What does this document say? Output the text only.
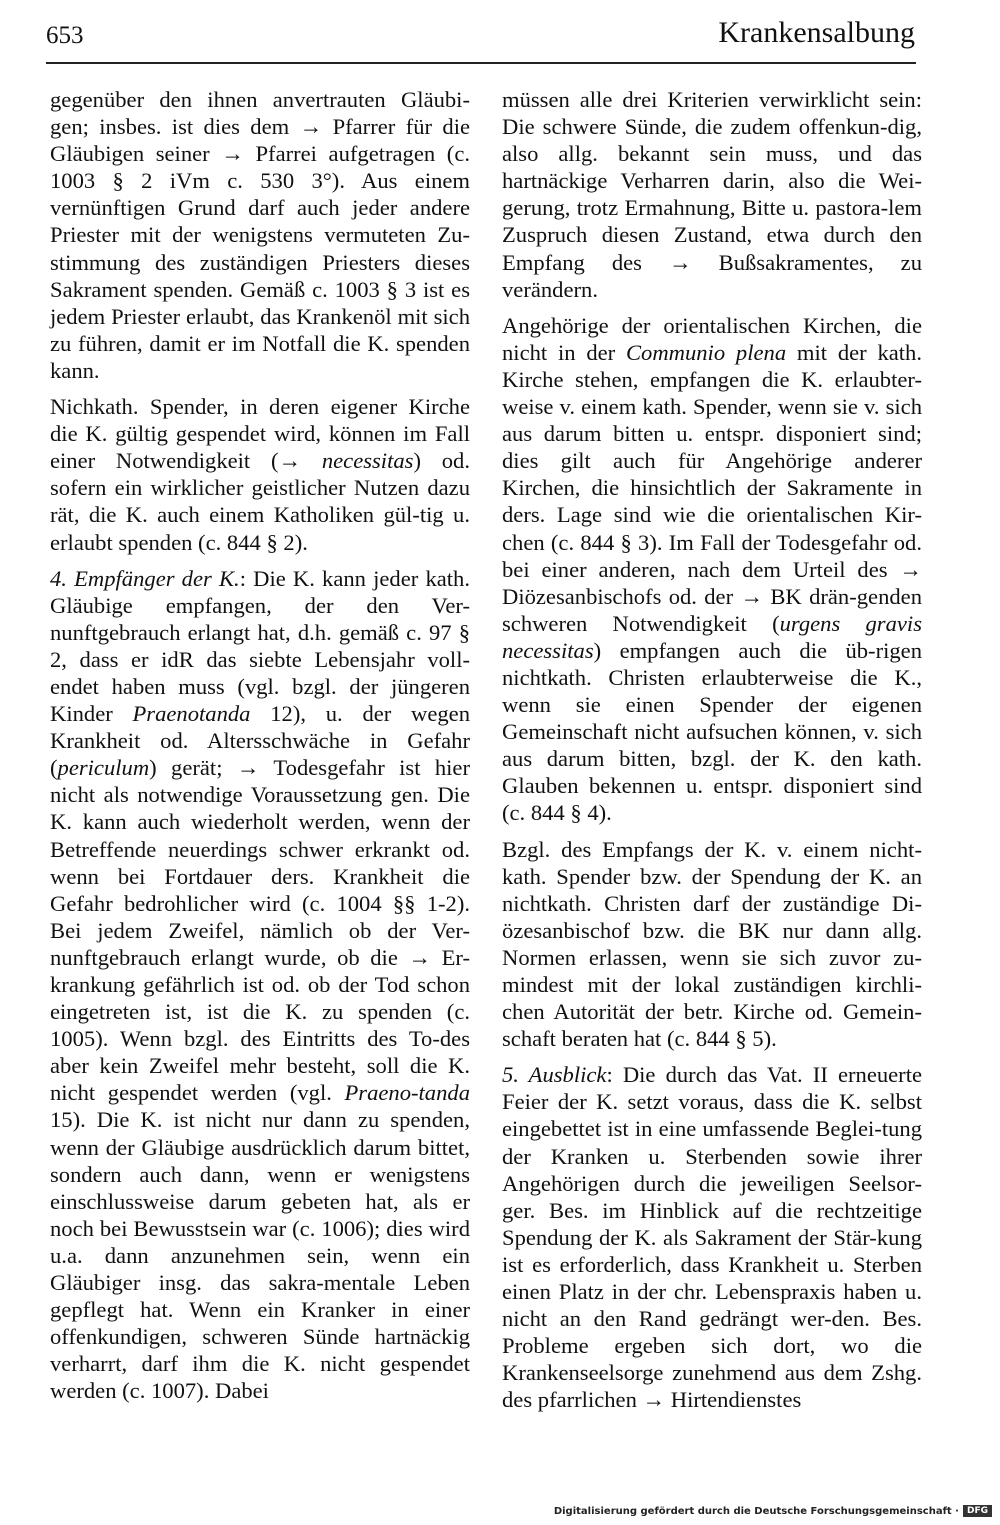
653	Krankensalbung

gegenüber den ihnen anvertrauten Gläubi-gen; insbes. ist dies dem → Pfarrer für die Gläubigen seiner → Pfarrei aufgetragen (c. 1003 § 2 iVm c. 530 3°). Aus einem vernünftigen Grund darf auch jeder andere Priester mit der wenigstens vermuteten Zu-stimmung des zuständigen Priesters dieses Sakrament spenden. Gemäß c. 1003 § 3 ist es jedem Priester erlaubt, das Krankenöl mit sich zu führen, damit er im Notfall die K. spenden kann.

Nichkath. Spender, in deren eigener Kirche die K. gültig gespendet wird, können im Fall einer Notwendigkeit (→ necessitas) od. sofern ein wirklicher geistlicher Nutzen dazu rät, die K. auch einem Katholiken gül-tig u. erlaubt spenden (c. 844 § 2).

4. Empfänger der K.: Die K. kann jeder kath. Gläubige empfangen, der den Ver-nunftgebrauch erlangt hat, d.h. gemäß c. 97 § 2, dass er idR das siebte Lebensjahr voll-endet haben muss (vgl. bzgl. der jüngeren Kinder Praenotanda 12), u. der wegen Krankheit od. Altersschwäche in Gefahr (periculum) gerät; → Todesgefahr ist hier nicht als notwendige Voraussetzung gen. Die K. kann auch wiederholt werden, wenn der Betreffende neuerdings schwer erkrankt od. wenn bei Fortdauer ders. Krankheit die Gefahr bedrohlicher wird (c. 1004 §§ 1-2). Bei jedem Zweifel, nämlich ob der Ver-nunftgebrauch erlangt wurde, ob die → Er-krankung gefährlich ist od. ob der Tod schon eingetreten ist, ist die K. zu spenden (c. 1005). Wenn bzgl. des Eintritts des To-des aber kein Zweifel mehr besteht, soll die K. nicht gespendet werden (vgl. Praeno-tanda 15). Die K. ist nicht nur dann zu spenden, wenn der Gläubige ausdrücklich darum bittet, sondern auch dann, wenn er wenigstens einschlussweise darum gebeten hat, als er noch bei Bewusstsein war (c. 1006); dies wird u.a. dann anzunehmen sein, wenn ein Gläubiger insg. das sakra-mentale Leben gepflegt hat. Wenn ein Kranker in einer offenkundigen, schweren Sünde hartnäckig verharrt, darf ihm die K. nicht gespendet werden (c. 1007). Dabei

müssen alle drei Kriterien verwirklicht sein: Die schwere Sünde, die zudem offenkun-dig, also allg. bekannt sein muss, und das hartnäckige Verharren darin, also die Wei-gerung, trotz Ermahnung, Bitte u. pastora-lem Zuspruch diesen Zustand, etwa durch den Empfang des → Bußsakramentes, zu verändern.

Angehörige der orientalischen Kirchen, die nicht in der Communio plena mit der kath. Kirche stehen, empfangen die K. erlaubter-weise v. einem kath. Spender, wenn sie v. sich aus darum bitten u. entspr. disponiert sind; dies gilt auch für Angehörige anderer Kirchen, die hinsichtlich der Sakramente in ders. Lage sind wie die orientalischen Kir-chen (c. 844 § 3). Im Fall der Todesgefahr od. bei einer anderen, nach dem Urteil des → Diözesanbischofs od. der → BK drän-genden schweren Notwendigkeit (urgens gravis necessitas) empfangen auch die üb-rigen nichtkath. Christen erlaubterweise die K., wenn sie einen Spender der eigenen Gemeinschaft nicht aufsuchen können, v. sich aus darum bitten, bzgl. der K. den kath. Glauben bekennen u. entspr. disponiert sind (c. 844 § 4).

Bzgl. des Empfangs der K. v. einem nicht-kath. Spender bzw. der Spendung der K. an nichtkath. Christen darf der zuständige Di-özesanbischof bzw. die BK nur dann allg. Normen erlassen, wenn sie sich zuvor zu-mindest mit der lokal zuständigen kirchli-chen Autorität der betr. Kirche od. Gemein-schaft beraten hat (c. 844 § 5).

5. Ausblick: Die durch das Vat. II erneuerte Feier der K. setzt voraus, dass die K. selbst eingebettet ist in eine umfassende Beglei-tung der Kranken u. Sterbenden sowie ihrer Angehörigen durch die jeweiligen Seelsor-ger. Bes. im Hinblick auf die rechtzeitige Spendung der K. als Sakrament der Stär-kung ist es erforderlich, dass Krankheit u. Sterben einen Platz in der chr. Lebenspraxis haben u. nicht an den Rand gedrängt wer-den. Bes. Probleme ergeben sich dort, wo die Krankenseelsorge zunehmend aus dem Zshg. des pfarrlichen → Hirtendienstes

Digitalisierung gefördert durch die Deutsche Forschungsgemeinschaft · DFG
